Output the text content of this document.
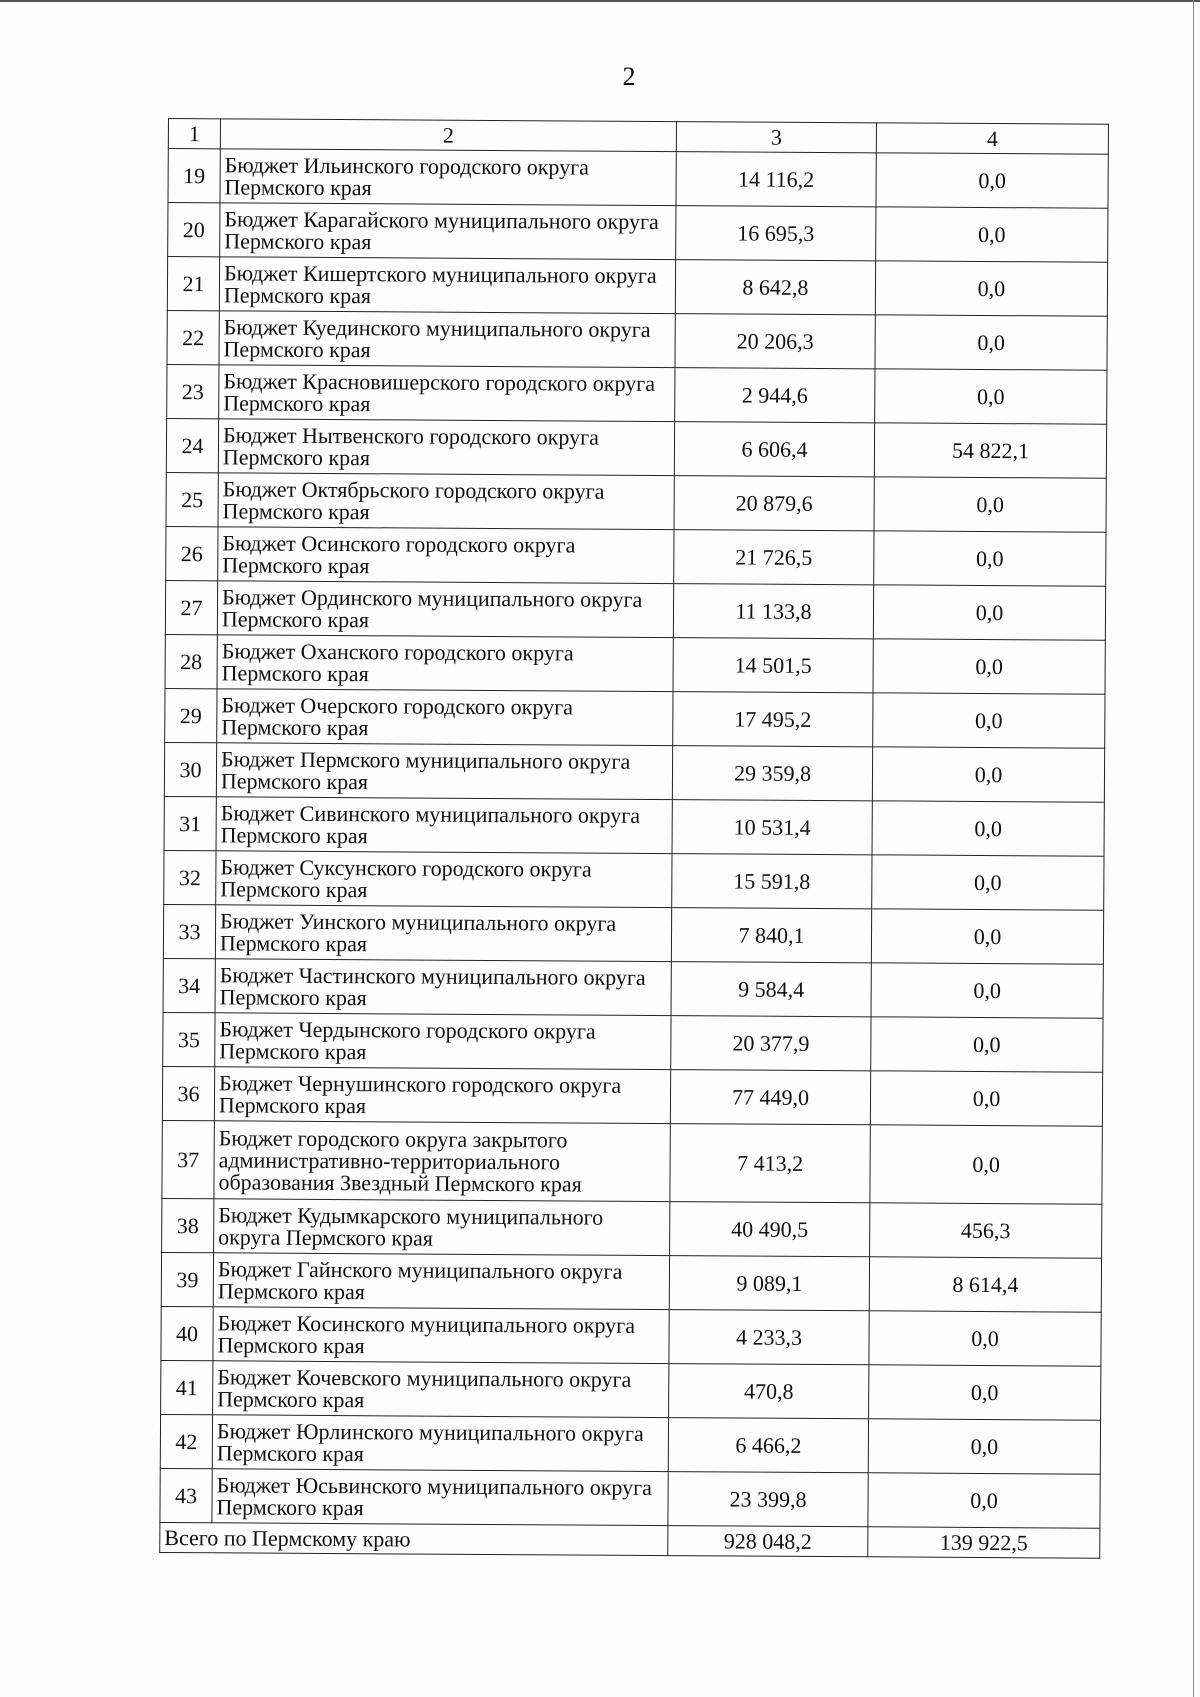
2
1	2	3	4
19	Бюджет Ильинского городского округа Пермского края	14 116,2	0,0
20	Бюджет Карагайского муниципального округа Пермского края	16 695,3	0,0
21	Бюджет Кишертского муниципального округа Пермского края	8 642,8	0,0
22	Бюджет Куединского муниципального округа Пермского края	20 206,3	0,0
23	Бюджет Красновишерского городского округа Пермского края	2 944,6	0,0
24	Бюджет Нытвенского городского округа Пермского края	6 606,4	54 822,1
25	Бюджет Октябрьского городского округа Пермского края	20 879,6	0,0
26	Бюджет Осинского городского округа Пермского края	21 726,5	0,0
27	Бюджет Ординского муниципального округа Пермского края	11 133,8	0,0
28	Бюджет Оханского городского округа Пермского края	14 501,5	0,0
29	Бюджет Очерского городского округа Пермского края	17 495,2	0,0
30	Бюджет Пермского муниципального округа Пермского края	29 359,8	0,0
31	Бюджет Сивинского муниципального округа Пермского края	10 531,4	0,0
32	Бюджет Суксунского городского округа Пермского края	15 591,8	0,0
33	Бюджет Уинского муниципального округа Пермского края	7 840,1	0,0
34	Бюджет Частинского муниципального округа Пермского края	9 584,4	0,0
35	Бюджет Чердынского городского округа Пермского края	20 377,9	0,0
36	Бюджет Чернушинского городского округа Пермского края	77 449,0	0,0
37	Бюджет городского округа закрытого административно-территориального образования Звездный Пермского края	7 413,2	0,0
38	Бюджет Кудымкарского муниципального округа Пермского края	40 490,5	456,3
39	Бюджет Гайнского муниципального округа Пермского края	9 089,1	8 614,4
40	Бюджет Косинского муниципального округа Пермского края	4 233,3	0,0
41	Бюджет Кочевского муниципального округа Пермского края	470,8	0,0
42	Бюджет Юрлинского муниципального округа Пермского края	6 466,2	0,0
43	Бюджет Юсьвинского муниципального округа Пермского края	23 399,8	0,0
Всего по Пермскому краю		928 048,2	139 922,5
